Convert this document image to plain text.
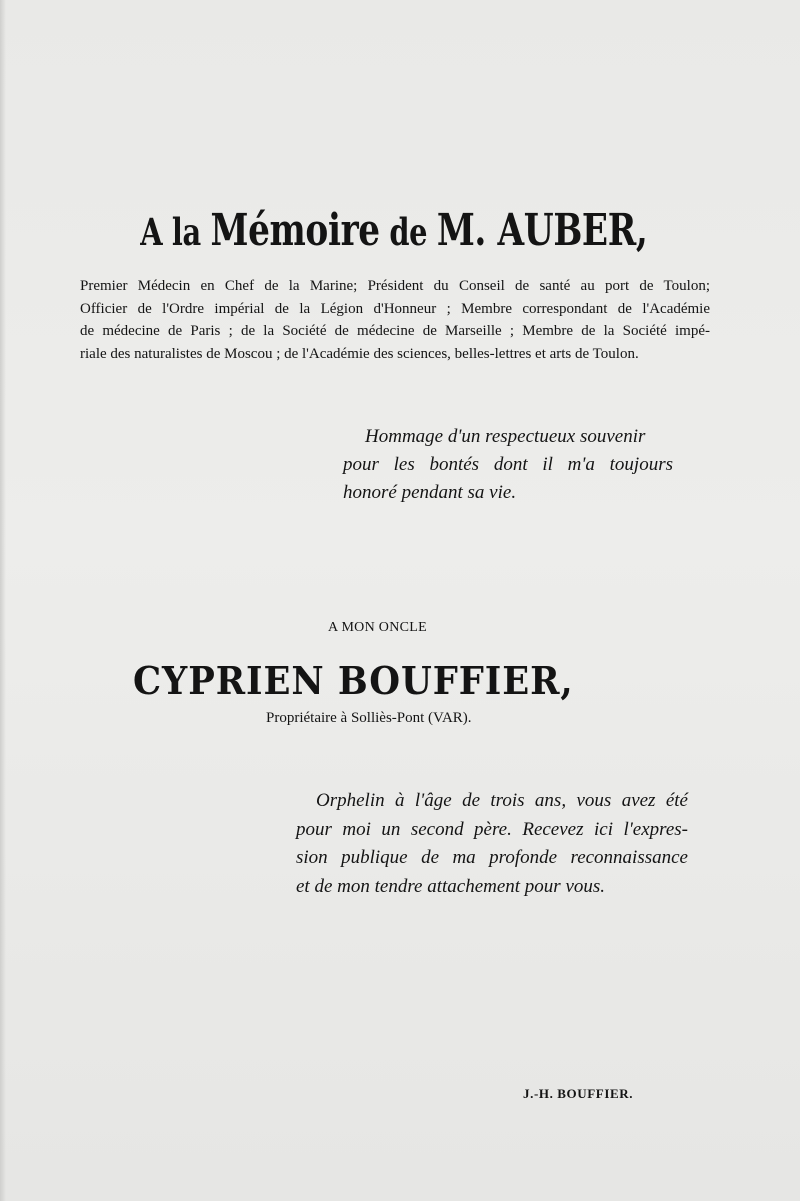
A la Mémoire de M. AUBER,
Premier Médecin en Chef de la Marine; Président du Conseil de santé au port de Toulon;
Officier de l'Ordre impérial de la Légion d'Honneur ; Membre correspondant de l'Académie
de médecine de Paris ; de la Société de médecine de Marseille ; Membre de la Société impé-
riale des naturalistes de Moscou ; de l'Académie des sciences, belles-lettres et arts de Toulon.
Hommage d'un respectueux souvenir
pour les bontés dont il m'a toujours
honoré pendant sa vie.
A MON ONCLE
CYPRIEN BOUFFIER,
Propriétaire à Solliès-Pont (VAR).
Orphelin à l'âge de trois ans, vous avez été
pour moi un second père. Recevez ici l'expres-
sion publique de ma profonde reconnaissance
et de mon tendre attachement pour vous.
J.-H. BOUFFIER.
